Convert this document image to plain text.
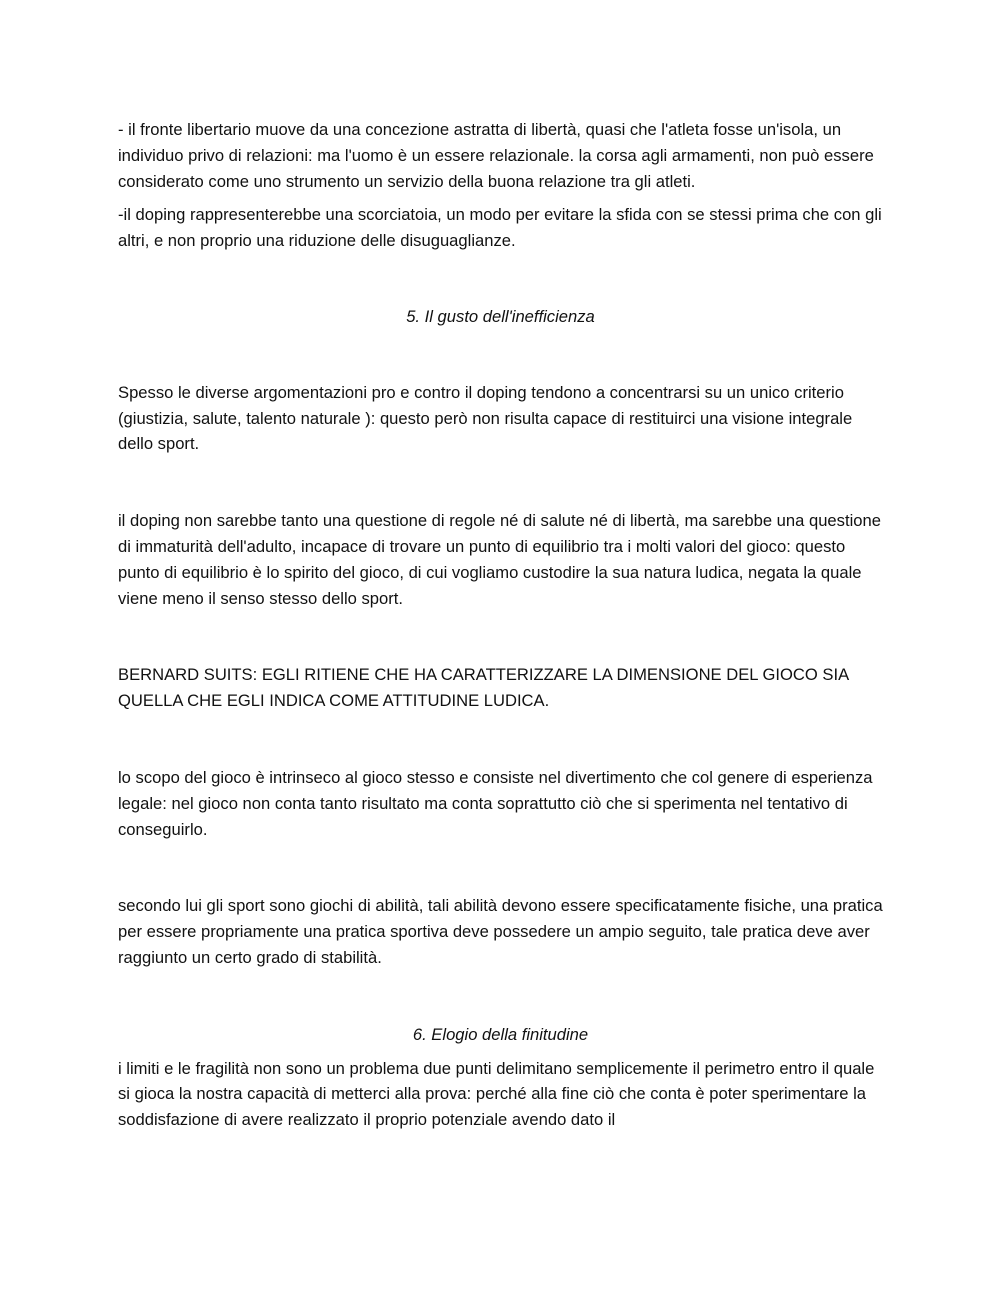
- il fronte libertario muove da una concezione astratta di libertà, quasi che l'atleta fosse un'isola, un individuo privo di relazioni: ma l'uomo è un essere relazionale. la corsa agli armamenti, non può essere considerato come uno strumento un servizio della buona relazione tra gli atleti.

-il doping rappresenterebbe una scorciatoia, un modo per evitare la sfida con se stessi prima che con gli altri, e non proprio una riduzione delle disuguaglianze.

5. Il gusto dell'inefficienza

Spesso le diverse argomentazioni pro e contro il doping tendono a concentrarsi su un unico criterio (giustizia, salute, talento naturale ): questo però non risulta capace di restituirci una visione integrale dello sport.

il doping non sarebbe tanto una questione di regole né di salute né di libertà, ma sarebbe una questione di immaturità dell'adulto, incapace di trovare un punto di equilibrio tra i molti valori del gioco: questo punto di equilibrio è lo spirito del gioco, di cui vogliamo custodire la sua natura ludica, negata la quale viene meno il senso stesso dello sport.

BERNARD SUITS: EGLI RITIENE CHE HA CARATTERIZZARE LA DIMENSIONE DEL GIOCO SIA QUELLA CHE EGLI INDICA COME ATTITUDINE LUDICA.

lo scopo del gioco è intrinseco al gioco stesso e consiste nel divertimento che col genere di esperienza legale: nel gioco non conta tanto risultato ma conta soprattutto ciò che si sperimenta nel tentativo di conseguirlo.

secondo lui gli sport sono giochi di abilità, tali abilità devono essere specificatamente fisiche, una pratica per essere propriamente una pratica sportiva deve possedere un ampio seguito, tale pratica deve aver raggiunto un certo grado di stabilità.

6. Elogio della finitudine

i limiti e le fragilità non sono un problema due punti delimitano semplicemente il perimetro entro il quale si gioca la nostra capacità di metterci alla prova: perché alla fine ciò che conta è poter sperimentare la soddisfazione di avere realizzato il proprio potenziale avendo dato il
